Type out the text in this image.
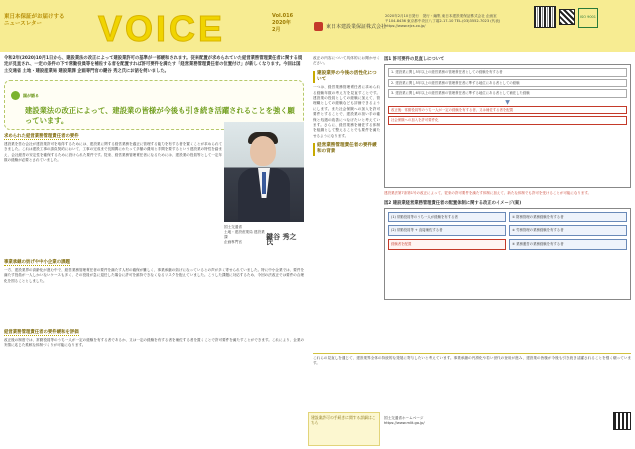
東日本保証がお届けする
ニュースレター	VOICE	Vol.016
2020年
2月	東日本建設業保証株式会社
2020年2月10日発行　発行・編集 東日本建設業保証株式会社 企画室
〒104-8436 東京都中央区八丁堀2-17-10 TEL.(03)3552-7023 (代表)
https://www.ejcs.co.jp/
ISO 9001

令和2年(2020)10月1日から、建設業法の改正によって建設業許可の基準が一部緩和されます。従来配置が求められていた経営業務管理責任者に関する規定が見直され、一定の条件の下で常勤役員等を補佐する者を配置すれば許可要件を満たす「経営業務管理責任者の位置付け」が新しくなります。今回は国土交通省 土地・建設産業局 建設業課 企画専門官の鍵谷 秀之氏にお話を伺いました。

国が語る
建設業法の改正によって、建設業の皆様が今後も引き続き活躍されることを強く願っています。
求められた経営業務管理責任者の要件

建設業を営む会社が建設業許可を取得するためには、建設業に関する経営業務を適正に管理する能力を有する者を置くことが求められてきました。これは建設工事の請負契約において、工事の完成まで長期間にわたって多額の費用と手間を要するという建設業の特性を踏まえ、会社経営の安定性を確保するために設けられた要件です。従来、経営業務管理責任者になるためには、建設業の役員等として一定年数の経験が必要とされていました。

国土交通省
土地・建設産業局 建設業課
企画専門官
鍵谷 秀之 氏
事業承継の妨げや中小企業の課題

一方、建設業界の高齢化が進む中で、経営業務管理責任者の要件を満たす人材の確保が難しく、事業承継の妨げになっているとの声が多く寄せられていました。特に中小企業では、要件を満たす役員が一人しかいないケースも多く、その役員が急に退任した場合に許可を維持できなくなるリスクを抱えていました。こうした課題に対応するため、今回の法改正では要件の合理化を図ることとしました。

経営業務管理責任者の要件緩和を評価

改正後の制度では、常勤役員等のうち一人が一定の経験を有する者であるか、又は一定の経験を有する者を補佐する者を置くことで許可要件を満たすことができます。これにより、企業の実情に応じた柔軟な体制づくりが可能になります。

改正の内容について具体的にお聞かせください。

建設業界の今後の活性化について

一つは、経営業務管理責任者に求められる経験年数の考え方を見直すことです。建設業の役員としての経験に加えて、管理職としての経験なども評価できるようにします。また社会保険への加入を許可要件とすることで、建設業の担い手の確保と処遇の改善につなげたいと考えています。さらに、経営業務を補佐する体制を組織として整えることでも要件を満たせるようになります。

経営業務管理責任者の要件緩和の背景
図1 許可要件の見直しについて
1. 建設業に関し5年以上の経営業務の管理責任者としての経験を有する者
2. 建設業に関し5年以上の経営業務の管理責任者に準ずる地位にある者としての経験
3. 建設業に関し6年以上の経営業務の管理責任者に準ずる地位にある者として補佐した経験
▼
改正後：常勤役員等のうち一人が一定の経験を有する者、又は補佐する者を配置
社会保険への加入を許可要件化

建設業法第7条第1号の改正によって、従来の許可要件を満たす体制に加えて、新たな体制でも許可を受けることが可能になります。

図2 建設業経営業務管理責任者の配置体制に関する改正のイメージ(案)
(1) 常勤役員等のうち一人が経験を有する者
(2) 常勤役員等 + 直接補佐する者
経験者を配置
① 財務管理の業務経験を有する者
② 労務管理の業務経験を有する者
③ 業務運営の業務経験を有する者

これらの見直しを通じて、建設業界全体の持続的な発展に寄与したいと考えています。事業承継の円滑化や若い世代の登用が進み、建設業の皆様が今後も引き続き活躍されることを強く願っています。

建設業許可の手続きに関する詳細はこちら
国土交通省ホームページ
https://www.mlit.go.jp/
